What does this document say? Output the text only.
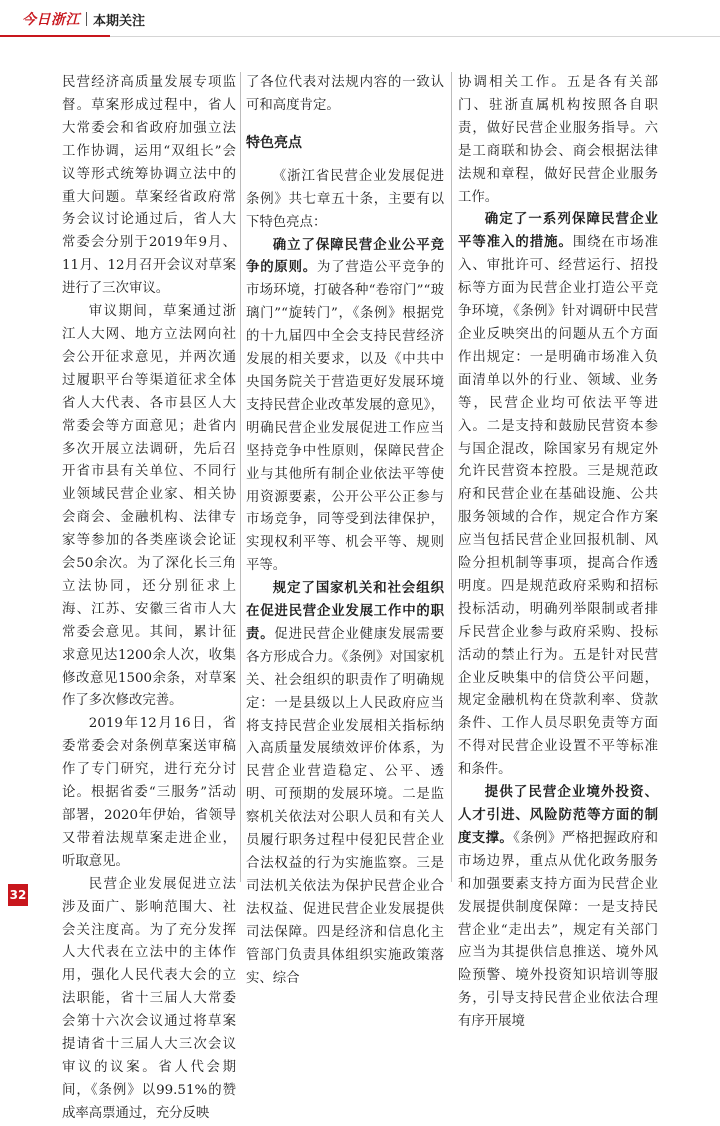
今日浙江 本期关注

民营经济高质量发展专项监督。草案形成过程中，省人大常委会和省政府加强立法工作协调，运用“双组长”会议等形式统筹协调立法中的重大问题。草案经省政府常务会议讨论通过后，省人大常委会分别于2019年9月、11月、12月召开会议对草案进行了三次审议。

审议期间，草案通过浙江人大网、地方立法网向社会公开征求意见，并两次通过履职平台等渠道征求全体省人大代表、各市县区人大常委会等方面意见；赴省内多次开展立法调研，先后召开省市县有关单位、不同行业领域民营企业家、相关协会商会、金融机构、法律专家等参加的各类座谈会论证会50余次。为了深化长三角立法协同，还分别征求上海、江苏、安徽三省市人大常委会意见。其间，累计征求意见达1200余人次，收集修改意见1500余条，对草案作了多次修改完善。

2019年12月16日，省委常委会对条例草案送审稿作了专门研究，进行充分讨论。根据省委“三服务”活动部署，2020年伊始，省领导又带着法规草案走进企业，听取意见。

民营企业发展促进立法涉及面广、影响范围大、社会关注度高。为了充分发挥人大代表在立法中的主体作用，强化人民代表大会的立法职能，省十三届人大常委会第十六次会议通过将草案提请省十三届人大三次会议审议的议案。省人代会期间，《条例》以99.51%的赞成率高票通过，充分反映

了各位代表对法规内容的一致认可和高度肯定。

特色亮点

《浙江省民营企业发展促进条例》共七章五十条，主要有以下特色亮点：

确立了保障民营企业公平竞争的原则。为了营造公平竞争的市场环境，打破各种“卷帘门”“玻璃门”“旋转门”，《条例》根据党的十九届四中全会支持民营经济发展的相关要求，以及《中共中央国务院关于营造更好发展环境支持民营企业改革发展的意见》，明确民营企业发展促进工作应当坚持竞争中性原则，保障民营企业与其他所有制企业依法平等使用资源要素，公开公平公正参与市场竞争，同等受到法律保护，实现权利平等、机会平等、规则平等。

规定了国家机关和社会组织在促进民营企业发展工作中的职责。促进民营企业健康发展需要各方形成合力。《条例》对国家机关、社会组织的职责作了明确规定：一是县级以上人民政府应当将支持民营企业发展相关指标纳入高质量发展绩效评价体系，为民营企业营造稳定、公平、透明、可预期的发展环境。二是监察机关依法对公职人员和有关人员履行职务过程中侵犯民营企业合法权益的行为实施监察。三是司法机关依法为保护民营企业合法权益、促进民营企业发展提供司法保障。四是经济和信息化主管部门负责具体组织实施政策落实、综合

协调相关工作。五是各有关部门、驻浙直属机构按照各自职责，做好民营企业服务指导。六是工商联和协会、商会根据法律法规和章程，做好民营企业服务工作。

确定了一系列保障民营企业平等准入的措施。围绕在市场准入、审批许可、经营运行、招投标等方面为民营企业打造公平竞争环境，《条例》针对调研中民营企业反映突出的问题从五个方面作出规定：一是明确市场准入负面清单以外的行业、领域、业务等，民营企业均可依法平等进入。二是支持和鼓励民营资本参与国企混改，除国家另有规定外允许民营资本控股。三是规范政府和民营企业在基础设施、公共服务领域的合作，规定合作方案应当包括民营企业回报机制、风险分担机制等事项，提高合作透明度。四是规范政府采购和招标投标活动，明确列举限制或者排斥民营企业参与政府采购、投标活动的禁止行为。五是针对民营企业反映集中的信贷公平问题，规定金融机构在贷款利率、贷款条件、工作人员尽职免责等方面不得对民营企业设置不平等标准和条件。

提供了民营企业境外投资、人才引进、风险防范等方面的制度支撑。《条例》严格把握政府和市场边界，重点从优化政务服务和加强要素支持方面为民营企业发展提供制度保障：一是支持民营企业“走出去”，规定有关部门应当为其提供信息推送、境外风险预警、境外投资知识培训等服务，引导支持民营企业依法合理有序开展境

32
